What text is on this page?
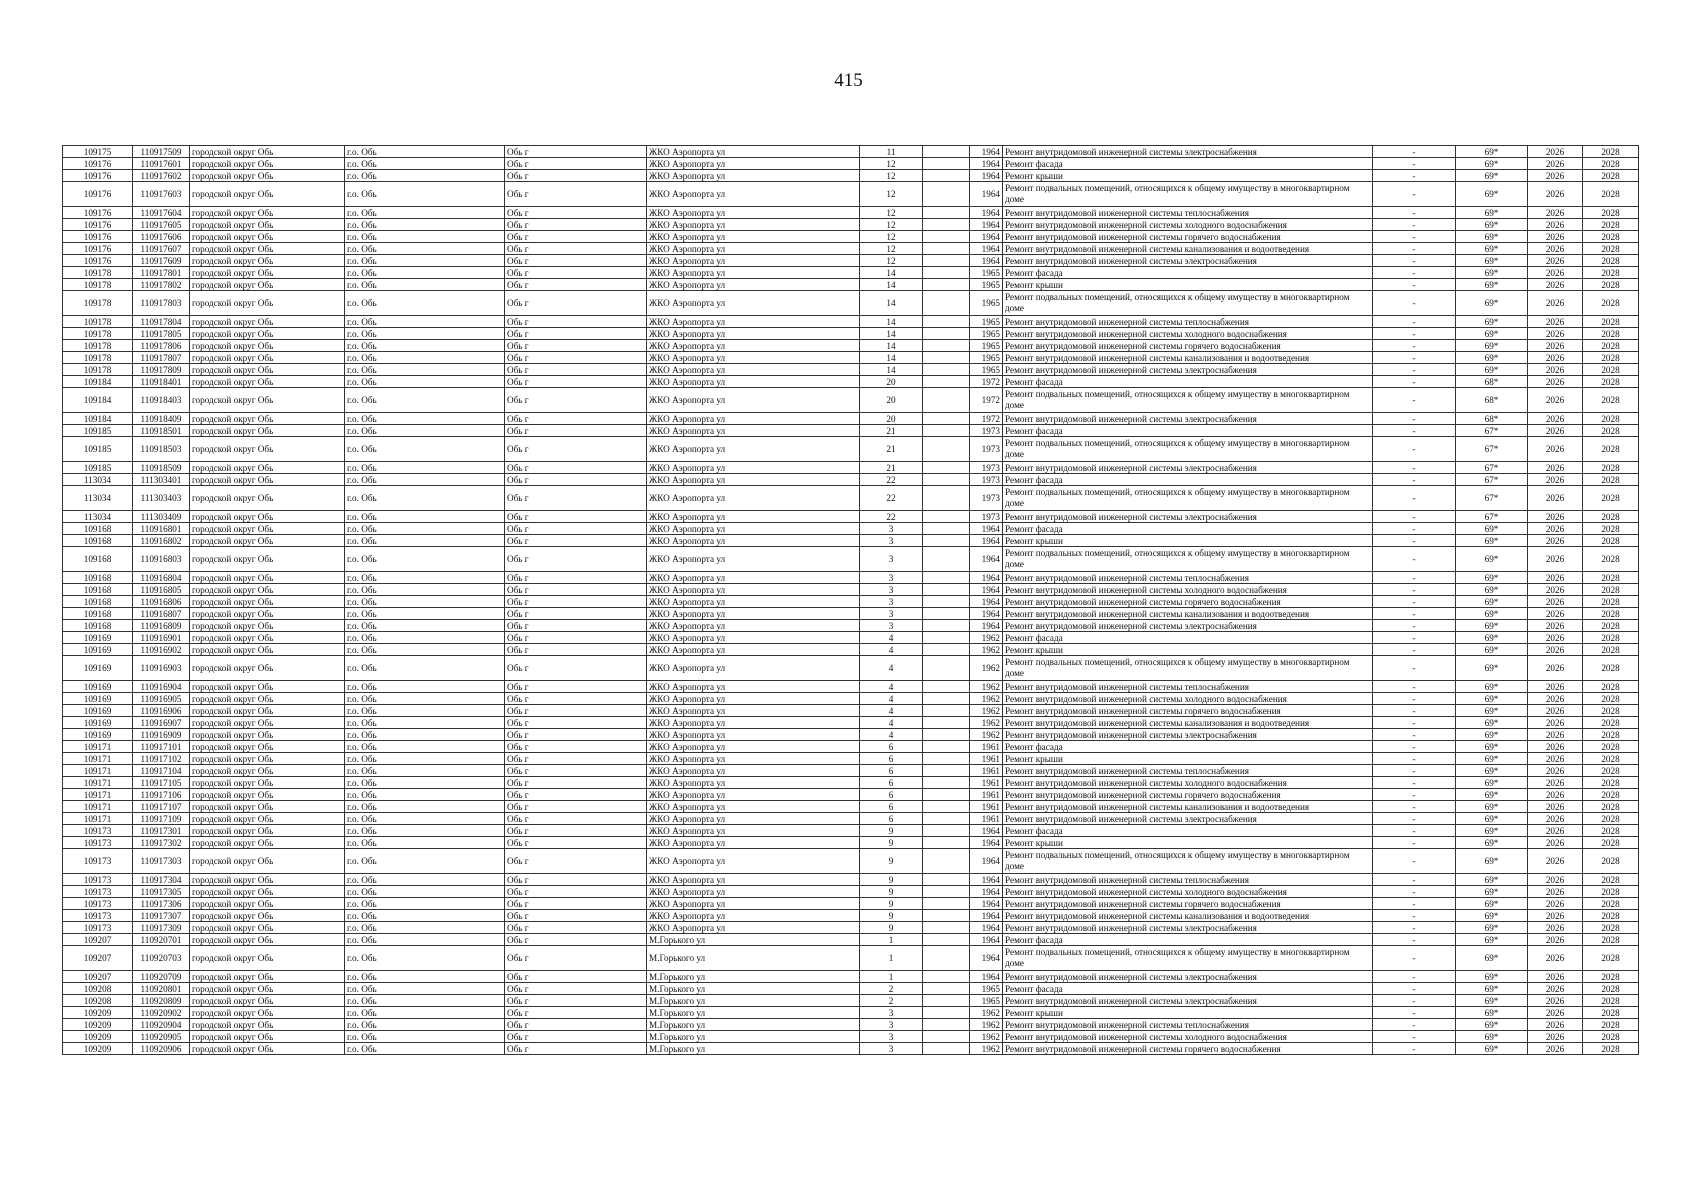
415
109175	110917509	городской округ Обь	г.о. Обь	Обь г	ЖКО Аэропорта ул	11		1964	Ремонт внутридомовой инженерной системы электроснабжения	-	69*	2026	2028
109176	110917601	городской округ Обь	г.о. Обь	Обь г	ЖКО Аэропорта ул	12		1964	Ремонт фасада	-	69*	2026	2028
109176	110917602	городской округ Обь	г.о. Обь	Обь г	ЖКО Аэропорта ул	12		1964	Ремонт крыши	-	69*	2026	2028
109176	110917603	городской округ Обь	г.о. Обь	Обь г	ЖКО Аэропорта ул	12		1964	Ремонт подвальных помещений, относящихся к общему имуществу в многоквартирном доме	-	69*	2026	2028
109176	110917604	городской округ Обь	г.о. Обь	Обь г	ЖКО Аэропорта ул	12		1964	Ремонт внутридомовой инженерной системы теплоснабжения	-	69*	2026	2028
109176	110917605	городской округ Обь	г.о. Обь	Обь г	ЖКО Аэропорта ул	12		1964	Ремонт внутридомовой инженерной системы холодного водоснабжения	-	69*	2026	2028
109176	110917606	городской округ Обь	г.о. Обь	Обь г	ЖКО Аэропорта ул	12		1964	Ремонт внутридомовой инженерной системы горячего водоснабжения	-	69*	2026	2028
109176	110917607	городской округ Обь	г.о. Обь	Обь г	ЖКО Аэропорта ул	12		1964	Ремонт внутридомовой инженерной системы канализования и водоотведения	-	69*	2026	2028
109176	110917609	городской округ Обь	г.о. Обь	Обь г	ЖКО Аэропорта ул	12		1964	Ремонт внутридомовой инженерной системы электроснабжения	-	69*	2026	2028
109178	110917801	городской округ Обь	г.о. Обь	Обь г	ЖКО Аэропорта ул	14		1965	Ремонт фасада	-	69*	2026	2028
109178	110917802	городской округ Обь	г.о. Обь	Обь г	ЖКО Аэропорта ул	14		1965	Ремонт крыши	-	69*	2026	2028
109178	110917803	городской округ Обь	г.о. Обь	Обь г	ЖКО Аэропорта ул	14		1965	Ремонт подвальных помещений, относящихся к общему имуществу в многоквартирном доме	-	69*	2026	2028
109178	110917804	городской округ Обь	г.о. Обь	Обь г	ЖКО Аэропорта ул	14		1965	Ремонт внутридомовой инженерной системы теплоснабжения	-	69*	2026	2028
109178	110917805	городской округ Обь	г.о. Обь	Обь г	ЖКО Аэропорта ул	14		1965	Ремонт внутридомовой инженерной системы холодного водоснабжения	-	69*	2026	2028
109178	110917806	городской округ Обь	г.о. Обь	Обь г	ЖКО Аэропорта ул	14		1965	Ремонт внутридомовой инженерной системы горячего водоснабжения	-	69*	2026	2028
109178	110917807	городской округ Обь	г.о. Обь	Обь г	ЖКО Аэропорта ул	14		1965	Ремонт внутридомовой инженерной системы канализования и водоотведения	-	69*	2026	2028
109178	110917809	городской округ Обь	г.о. Обь	Обь г	ЖКО Аэропорта ул	14		1965	Ремонт внутридомовой инженерной системы электроснабжения	-	69*	2026	2028
109184	110918401	городской округ Обь	г.о. Обь	Обь г	ЖКО Аэропорта ул	20		1972	Ремонт фасада	-	68*	2026	2028
109184	110918403	городской округ Обь	г.о. Обь	Обь г	ЖКО Аэропорта ул	20		1972	Ремонт подвальных помещений, относящихся к общему имуществу в многоквартирном доме	-	68*	2026	2028
109184	110918409	городской округ Обь	г.о. Обь	Обь г	ЖКО Аэропорта ул	20		1972	Ремонт внутридомовой инженерной системы электроснабжения	-	68*	2026	2028
109185	110918501	городской округ Обь	г.о. Обь	Обь г	ЖКО Аэропорта ул	21		1973	Ремонт фасада	-	67*	2026	2028
109185	110918503	городской округ Обь	г.о. Обь	Обь г	ЖКО Аэропорта ул	21		1973	Ремонт подвальных помещений, относящихся к общему имуществу в многоквартирном доме	-	67*	2026	2028
109185	110918509	городской округ Обь	г.о. Обь	Обь г	ЖКО Аэропорта ул	21		1973	Ремонт внутридомовой инженерной системы электроснабжения	-	67*	2026	2028
113034	111303401	городской округ Обь	г.о. Обь	Обь г	ЖКО Аэропорта ул	22		1973	Ремонт фасада	-	67*	2026	2028
113034	111303403	городской округ Обь	г.о. Обь	Обь г	ЖКО Аэропорта ул	22		1973	Ремонт подвальных помещений, относящихся к общему имуществу в многоквартирном доме	-	67*	2026	2028
113034	111303409	городской округ Обь	г.о. Обь	Обь г	ЖКО Аэропорта ул	22		1973	Ремонт внутридомовой инженерной системы электроснабжения	-	67*	2026	2028
109168	110916801	городской округ Обь	г.о. Обь	Обь г	ЖКО Аэропорта ул	3		1964	Ремонт фасада	-	69*	2026	2028
109168	110916802	городской округ Обь	г.о. Обь	Обь г	ЖКО Аэропорта ул	3		1964	Ремонт крыши	-	69*	2026	2028
109168	110916803	городской округ Обь	г.о. Обь	Обь г	ЖКО Аэропорта ул	3		1964	Ремонт подвальных помещений, относящихся к общему имуществу в многоквартирном доме	-	69*	2026	2028
109168	110916804	городской округ Обь	г.о. Обь	Обь г	ЖКО Аэропорта ул	3		1964	Ремонт внутридомовой инженерной системы теплоснабжения	-	69*	2026	2028
109168	110916805	городской округ Обь	г.о. Обь	Обь г	ЖКО Аэропорта ул	3		1964	Ремонт внутридомовой инженерной системы холодного водоснабжения	-	69*	2026	2028
109168	110916806	городской округ Обь	г.о. Обь	Обь г	ЖКО Аэропорта ул	3		1964	Ремонт внутридомовой инженерной системы горячего водоснабжения	-	69*	2026	2028
109168	110916807	городской округ Обь	г.о. Обь	Обь г	ЖКО Аэропорта ул	3		1964	Ремонт внутридомовой инженерной системы канализования и водоотведения	-	69*	2026	2028
109168	110916809	городской округ Обь	г.о. Обь	Обь г	ЖКО Аэропорта ул	3		1964	Ремонт внутридомовой инженерной системы электроснабжения	-	69*	2026	2028
109169	110916901	городской округ Обь	г.о. Обь	Обь г	ЖКО Аэропорта ул	4		1962	Ремонт фасада	-	69*	2026	2028
109169	110916902	городской округ Обь	г.о. Обь	Обь г	ЖКО Аэропорта ул	4		1962	Ремонт крыши	-	69*	2026	2028
109169	110916903	городской округ Обь	г.о. Обь	Обь г	ЖКО Аэропорта ул	4		1962	Ремонт подвальных помещений, относящихся к общему имуществу в многоквартирном доме	-	69*	2026	2028
109169	110916904	городской округ Обь	г.о. Обь	Обь г	ЖКО Аэропорта ул	4		1962	Ремонт внутридомовой инженерной системы теплоснабжения	-	69*	2026	2028
109169	110916905	городской округ Обь	г.о. Обь	Обь г	ЖКО Аэропорта ул	4		1962	Ремонт внутридомовой инженерной системы холодного водоснабжения	-	69*	2026	2028
109169	110916906	городской округ Обь	г.о. Обь	Обь г	ЖКО Аэропорта ул	4		1962	Ремонт внутридомовой инженерной системы горячего водоснабжения	-	69*	2026	2028
109169	110916907	городской округ Обь	г.о. Обь	Обь г	ЖКО Аэропорта ул	4		1962	Ремонт внутридомовой инженерной системы канализования и водоотведения	-	69*	2026	2028
109169	110916909	городской округ Обь	г.о. Обь	Обь г	ЖКО Аэропорта ул	4		1962	Ремонт внутридомовой инженерной системы электроснабжения	-	69*	2026	2028
109171	110917101	городской округ Обь	г.о. Обь	Обь г	ЖКО Аэропорта ул	6		1961	Ремонт фасада	-	69*	2026	2028
109171	110917102	городской округ Обь	г.о. Обь	Обь г	ЖКО Аэропорта ул	6		1961	Ремонт крыши	-	69*	2026	2028
109171	110917104	городской округ Обь	г.о. Обь	Обь г	ЖКО Аэропорта ул	6		1961	Ремонт внутридомовой инженерной системы теплоснабжения	-	69*	2026	2028
109171	110917105	городской округ Обь	г.о. Обь	Обь г	ЖКО Аэропорта ул	6		1961	Ремонт внутридомовой инженерной системы холодного водоснабжения	-	69*	2026	2028
109171	110917106	городской округ Обь	г.о. Обь	Обь г	ЖКО Аэропорта ул	6		1961	Ремонт внутридомовой инженерной системы горячего водоснабжения	-	69*	2026	2028
109171	110917107	городской округ Обь	г.о. Обь	Обь г	ЖКО Аэропорта ул	6		1961	Ремонт внутридомовой инженерной системы канализования и водоотведения	-	69*	2026	2028
109171	110917109	городской округ Обь	г.о. Обь	Обь г	ЖКО Аэропорта ул	6		1961	Ремонт внутридомовой инженерной системы электроснабжения	-	69*	2026	2028
109173	110917301	городской округ Обь	г.о. Обь	Обь г	ЖКО Аэропорта ул	9		1964	Ремонт фасада	-	69*	2026	2028
109173	110917302	городской округ Обь	г.о. Обь	Обь г	ЖКО Аэропорта ул	9		1964	Ремонт крыши	-	69*	2026	2028
109173	110917303	городской округ Обь	г.о. Обь	Обь г	ЖКО Аэропорта ул	9		1964	Ремонт подвальных помещений, относящихся к общему имуществу в многоквартирном доме	-	69*	2026	2028
109173	110917304	городской округ Обь	г.о. Обь	Обь г	ЖКО Аэропорта ул	9		1964	Ремонт внутридомовой инженерной системы теплоснабжения	-	69*	2026	2028
109173	110917305	городской округ Обь	г.о. Обь	Обь г	ЖКО Аэропорта ул	9		1964	Ремонт внутридомовой инженерной системы холодного водоснабжения	-	69*	2026	2028
109173	110917306	городской округ Обь	г.о. Обь	Обь г	ЖКО Аэропорта ул	9		1964	Ремонт внутридомовой инженерной системы горячего водоснабжения	-	69*	2026	2028
109173	110917307	городской округ Обь	г.о. Обь	Обь г	ЖКО Аэропорта ул	9		1964	Ремонт внутридомовой инженерной системы канализования и водоотведения	-	69*	2026	2028
109173	110917309	городской округ Обь	г.о. Обь	Обь г	ЖКО Аэропорта ул	9		1964	Ремонт внутридомовой инженерной системы электроснабжения	-	69*	2026	2028
109207	110920701	городской округ Обь	г.о. Обь	Обь г	М.Горького ул	1		1964	Ремонт фасада	-	69*	2026	2028
109207	110920703	городской округ Обь	г.о. Обь	Обь г	М.Горького ул	1		1964	Ремонт подвальных помещений, относящихся к общему имуществу в многоквартирном доме	-	69*	2026	2028
109207	110920709	городской округ Обь	г.о. Обь	Обь г	М.Горького ул	1		1964	Ремонт внутридомовой инженерной системы электроснабжения	-	69*	2026	2028
109208	110920801	городской округ Обь	г.о. Обь	Обь г	М.Горького ул	2		1965	Ремонт фасада	-	69*	2026	2028
109208	110920809	городской округ Обь	г.о. Обь	Обь г	М.Горького ул	2		1965	Ремонт внутридомовой инженерной системы электроснабжения	-	69*	2026	2028
109209	110920902	городской округ Обь	г.о. Обь	Обь г	М.Горького ул	3		1962	Ремонт крыши	-	69*	2026	2028
109209	110920904	городской округ Обь	г.о. Обь	Обь г	М.Горького ул	3		1962	Ремонт внутридомовой инженерной системы теплоснабжения	-	69*	2026	2028
109209	110920905	городской округ Обь	г.о. Обь	Обь г	М.Горького ул	3		1962	Ремонт внутридомовой инженерной системы холодного водоснабжения	-	69*	2026	2028
109209	110920906	городской округ Обь	г.о. Обь	Обь г	М.Горького ул	3		1962	Ремонт внутридомовой инженерной системы горячего водоснабжения	-	69*	2026	2028
